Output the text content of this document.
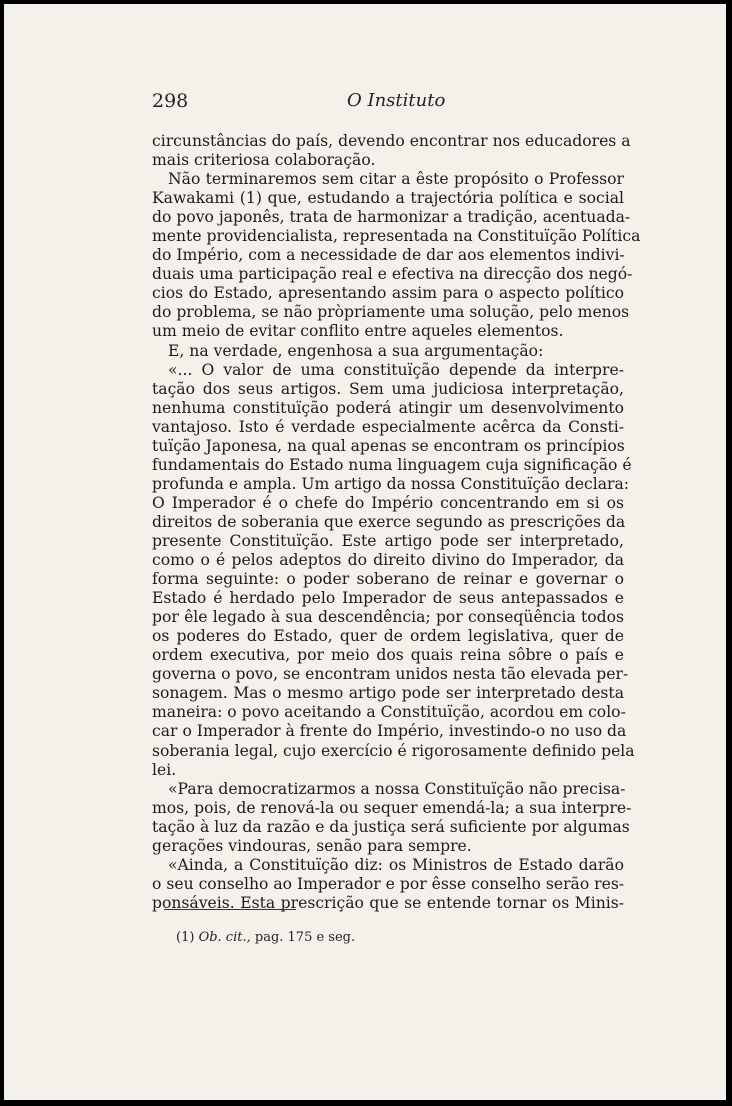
298	O Instituto
circunstâncias do país, devendo encontrar nos educadores a
mais criteriosa colaboração.
Não terminaremos sem citar a êste propósito o Professor
Kawakami (1) que, estudando a trajectória política e social
do povo japonês, trata de harmonizar a tradição, acentuada-
mente providencialista, representada na Constituïção Política
do Império, com a necessidade de dar aos elementos indivi-
duais uma participação real e efectiva na direcção dos negó-
cios do Estado, apresentando assim para o aspecto político
do problema, se não pròpriamente uma solução, pelo menos
um meio de evitar conflito entre aqueles elementos.
E, na verdade, engenhosa a sua argumentação:
«... O valor de uma constituïção depende da interpre-
tação dos seus artigos. Sem uma judiciosa interpretação,
nenhuma constituïção poderá atingir um desenvolvimento
vantajoso. Isto é verdade especialmente acêrca da Consti-
tuïção Japonesa, na qual apenas se encontram os princípios
fundamentais do Estado numa linguagem cuja significação é
profunda e ampla. Um artigo da nossa Constituïção declara:
O Imperador é o chefe do Império concentrando em si os
direitos de soberania que exerce segundo as prescrições da
presente Constituïção. Este artigo pode ser interpretado,
como o é pelos adeptos do direito divino do Imperador, da
forma seguinte: o poder soberano de reinar e governar o
Estado é herdado pelo Imperador de seus antepassados e
por êle legado à sua descendência; por conseqüência todos
os poderes do Estado, quer de ordem legislativa, quer de
ordem executiva, por meio dos quais reina sôbre o país e
governa o povo, se encontram unidos nesta tão elevada per-
sonagem. Mas o mesmo artigo pode ser interpretado desta
maneira: o povo aceitando a Constituïção, acordou em colo-
car o Imperador à frente do Império, investindo-o no uso da
soberania legal, cujo exercício é rigorosamente definido pela
lei.
«Para democratizarmos a nossa Constituïção não precisa-
mos, pois, de renová-la ou sequer emendá-la; a sua interpre-
tação à luz da razão e da justiça será suficiente por algumas
gerações vindouras, senão para sempre.
«Ainda, a Constituïção diz: os Ministros de Estado darão
o seu conselho ao Imperador e por êsse conselho serão res-
ponsáveis. Esta prescrição que se entende tornar os Minis-
(1) Ob. cit., pag. 175 e seg.
